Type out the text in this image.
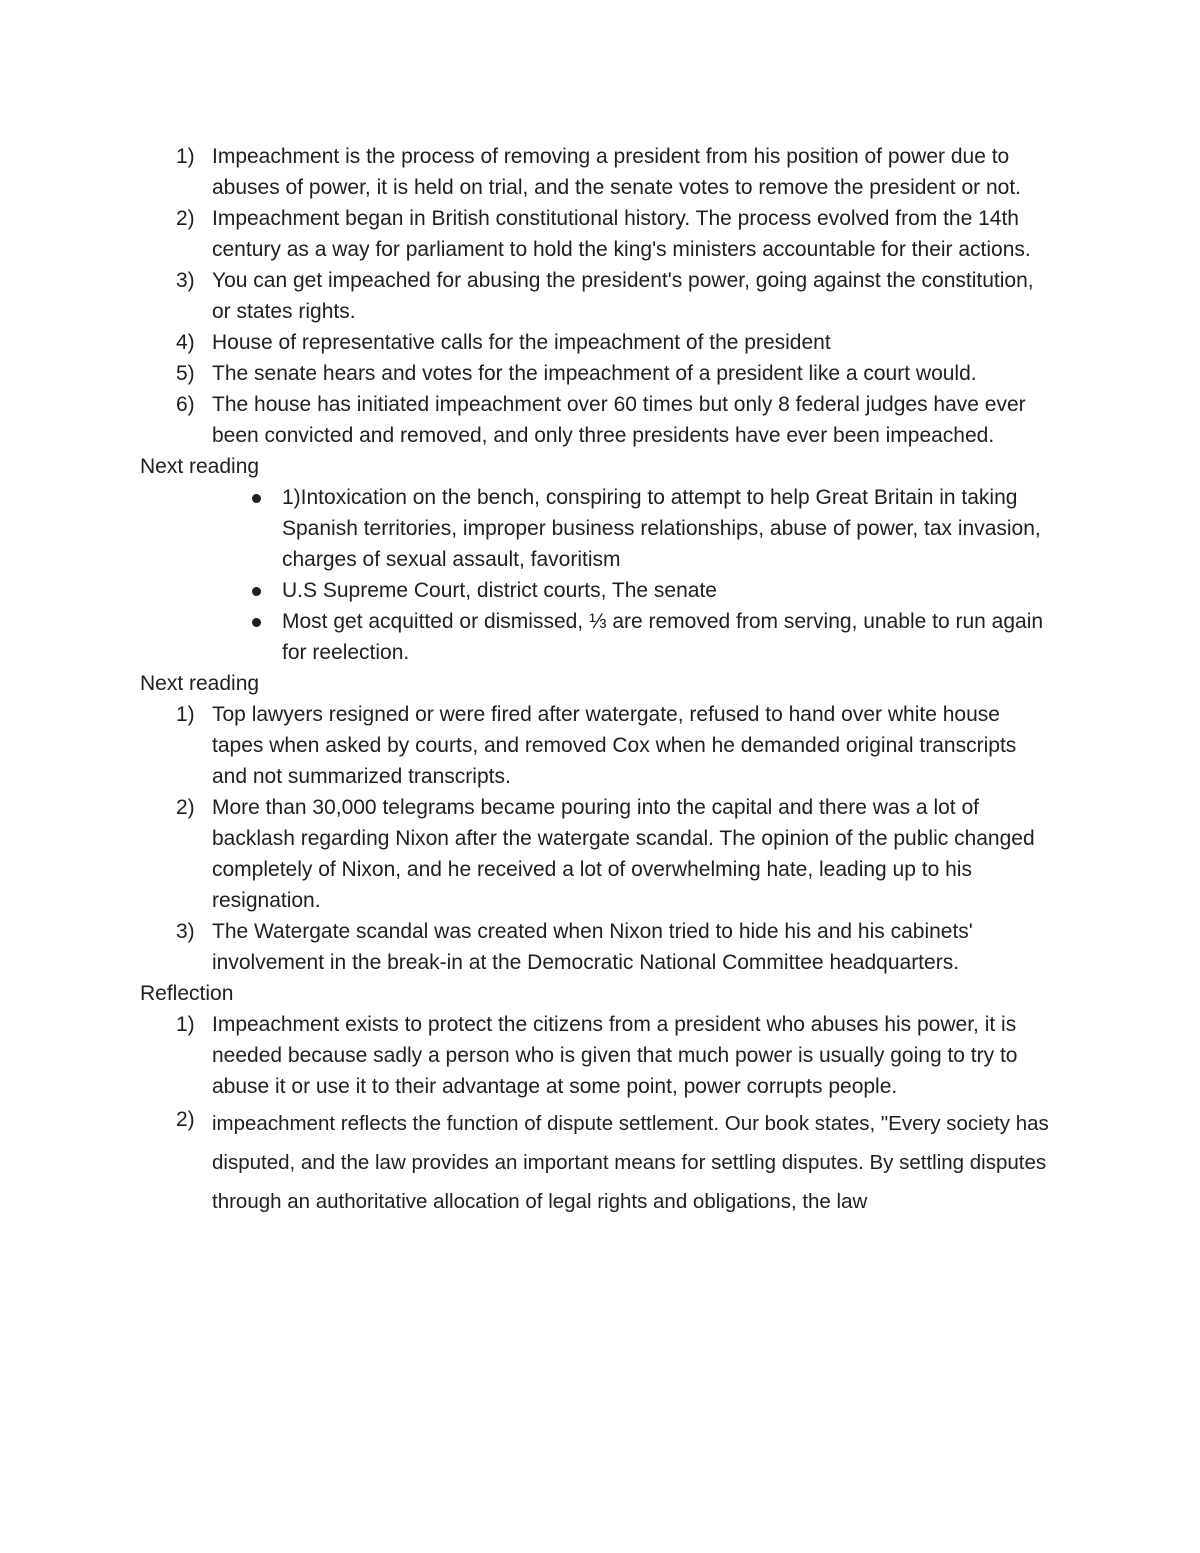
1) Impeachment is the process of removing a president from his position of power due to abuses of power, it is held on trial, and the senate votes to remove the president or not.
2) Impeachment began in British constitutional history. The process evolved from the 14th century as a way for parliament to hold the king's ministers accountable for their actions.
3) You can get impeached for abusing the president's power, going against the constitution, or states rights.
4) House of representative calls for the impeachment of the president
5) The senate hears and votes for the impeachment of a president like a court would.
6) The house has initiated impeachment over 60 times but only 8 federal judges have ever been convicted and removed, and only three presidents have ever been impeached.

Next reading

1)Intoxication on the bench, conspiring to attempt to help Great Britain in taking Spanish territories, improper business relationships, abuse of power, tax invasion, charges of sexual assault, favoritism
U.S Supreme Court, district courts, The senate
Most get acquitted or dismissed, ⅓ are removed from serving, unable to run again for reelection.

Next reading

1) Top lawyers resigned or were fired after watergate, refused to hand over white house tapes when asked by courts, and removed Cox when he demanded original transcripts and not summarized transcripts.
2) More than 30,000 telegrams became pouring into the capital and there was a lot of backlash regarding Nixon after the watergate scandal. The opinion of the public changed completely of Nixon, and he received a lot of overwhelming hate, leading up to his resignation.
3) The Watergate scandal was created when Nixon tried to hide his and his cabinets' involvement in the break-in at the Democratic National Committee headquarters.

Reflection

1) Impeachment exists to protect the citizens from a president who abuses his power, it is needed because sadly a person who is given that much power is usually going to try to abuse it or use it to their advantage at some point, power corrupts people.
2) impeachment reflects the function of dispute settlement. Our book states, "Every society has disputed, and the law provides an important means for settling disputes. By settling disputes through an authoritative allocation of legal rights and obligations, the law
